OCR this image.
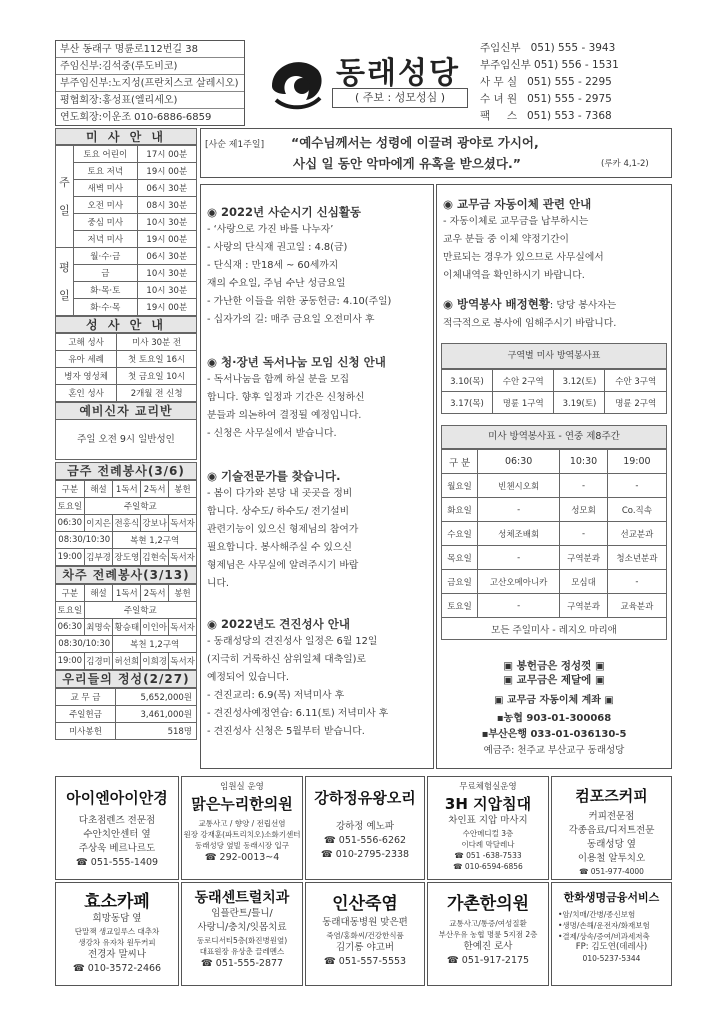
부산 동래구 명륜로112번길 38
주임신부:김석중(루도비코)
부주임신부:노지성(프란치스코 살레시오)
평협회장:홍성표(엘리세오)
연도회장:이운조 010-6886-6859
동래성당
( 주보 : 성모성심 )
주임신부   051) 555 - 3943
부주임신부 051) 556 - 1531
사 무 실   051) 555 - 2295
수 녀 원   051) 555 - 2975
팩     스   051) 553 - 7368
미 사 안 내
주
일	토요 어린이	17시 00분
	토요 저녁	19시 00분
	새벽 미사	06시 30분
	오전 미사	08시 30분
	중심 미사	10시 30분
	저녁 미사	19시 00분
평
일	월·수·금	06시 30분
	금	10시 30분
	화·목·토	10시 30분
	화·수·목	19시 00분
성 사 안 내
고해 성사	미사 30분 전
유아 세례	첫 토요일 16시
병자 영성체	첫 금요일 10시
혼인 성사	2개월 전 신청
예비신자 교리반
주일 오전 9시 일반성인
금주 전례봉사(3/6)
구분	해설	1독서	2독서	봉헌
토요일	주일학교			
06:30	이지은	전홍식	강보나	독서자
08:30/10:30		복현 1,2구역		
19:00	김부경	장도영	김현숙	독서자
차주 전례봉사(3/13)
구분	해설	1독서	2독서	봉헌
토요일	주일학교			
06:30	최명숙	황승태	이인아	독서자
08:30/10:30		복천 1,2구역		
19:00	김경미	허선희	이희경	독서자
우리들의 정성(2/27)
교 무 금	5,652,000원
주일헌금	3,461,000원
미사봉헌	518명
[사순 제1주일] “예수님께서는 성령에 이끌려 광야로 가시어,
사십 일 동안 악마에게 유혹을 받으셨다.”	(루카 4,1-2)
◉ 2022년 사순시기 신심활동
- ‘사랑으로 가진 바를 나누자’
- 사랑의 단식재 권고일 : 4.8(금)
- 단식재 : 만18세 ~ 60세까지
재의 수요일, 주님 수난 성금요일
- 가난한 이들을 위한 공동헌금: 4.10(주일)
- 십자가의 길: 매주 금요일 오전미사 후
◉ 청·장년 독서나눔 모임 신청 안내
- 독서나눔을 함께 하실 분을 모집
합니다. 향후 일정과 기간은 신청하신
분들과 의논하여 결정될 예정입니다.
- 신청은 사무실에서 받습니다.
◉ 기술전문가를 찾습니다.
- 봄이 다가와 본당 내 곳곳을 정비
합니다. 상수도/ 하수도/ 전기설비
관련기능이 있으신 형제님의 참여가
필요합니다. 봉사해주실 수 있으신
형제님은 사무실에 알려주시기 바랍
니다.
◉ 2022년도 견진성사 안내
- 동래성당의 견진성사 일정은 6월 12일
(지극히 거룩하신 삼위일체 대축일)로
예정되어 있습니다.
- 견진교리: 6.9(목) 저녁미사 후
- 견진성사예정연습: 6.11(토) 저녁미사 후
- 견진성사 신청은 5월부터 받습니다.
◉ 교무금 자동이체 관련 안내
- 자동이체로 교무금을 납부하시는
교우 분들 중 이체 약정기간이
만료되는 경우가 있으므로 사무실에서
이체내역을 확인하시기 바랍니다.
◉ 방역봉사 배정현황: 당당 봉사자는
적극적으로 봉사에 임해주시기 바랍니다.
구역별 미사 방역봉사표
3.10(목)	수안 2구역	3.12(토)	수안 3구역
3.17(목)	명륜 1구역	3.19(토)	명륜 2구역
미사 방역봉사표 - 연중 제8주간
구 분	06:30	10:30	19:00
월요일	빈첸시오회	-	-
화요일	-	성모회	Co.직속
수요일	성체조배회	-	선교분과
목요일	-	구역분과	청소년분과
금요일	고산오메아니카	모심대	-
토요일	-	구역분과	교육분과
모든 주일미사 - 레지오 마리애			
▣ 봉헌금은 정성껏 ▣
▣ 교무금은 제달에 ▣
▣ 교무금 자동이체 계좌 ▣
▪농협 903-01-300068
▪부산은행 033-01-036130-5
예금주: 천주교 부산교구 동래성당
아이엔아이안경
다초점렌즈 전문점
수안치안센터 옆
주상욱 베르나르도
☎ 051-555-1409
임원실 운영
맑은누리한의원
교통사고 / 향양 / 전립선염
원장 강재훈(파트리치오)소화기센터
동래성당 옆빌 동래시장 입구
☎ 292-0013~4
강하정유왕오리
강하정 예노파
☎ 051-556-6262
☎ 010-2795-2338
무료체험실운영
3H 지압침대
차인표 지압 마사지
수안메디컬 3층
이다례 막달레나
☎ 051 -638-7533
☎ 010-6594-6856
컴포즈커피
커피전문점
각종음료/디저트전문
동래성당 옆
이용철 알투치오
☎ 051-977-4000
효소카페
희망동담 옆
단말잭 생교일루스 대추차
생강차 유자차 원두커피
전경자 말씨나
☎ 010-3572-2466
동래센트럴치과
임플란트/틀니/
사랑니/충치/잇몸치료
동로디서티5층(화진병원옆)
대표원장 유상춘 끌레멘스
☎ 051-555-2877
인산죽염
동래대동병원 맞은편
죽염/홍화씨/건강한식품
김기롱 야고버
☎ 051-557-5553
가촌한의원
교통사고/통증/여성질환
부산우유 농협 명륜 5지점 2층
한예진 로사
☎ 051-917-2175
한화생명금융서비스
•암/치매/간병/종신보험
•생명/손해/운전자/화재보험
•결제/상속/증여/비과세저축
FP: 김도연(데레사)
010-5237-5344
